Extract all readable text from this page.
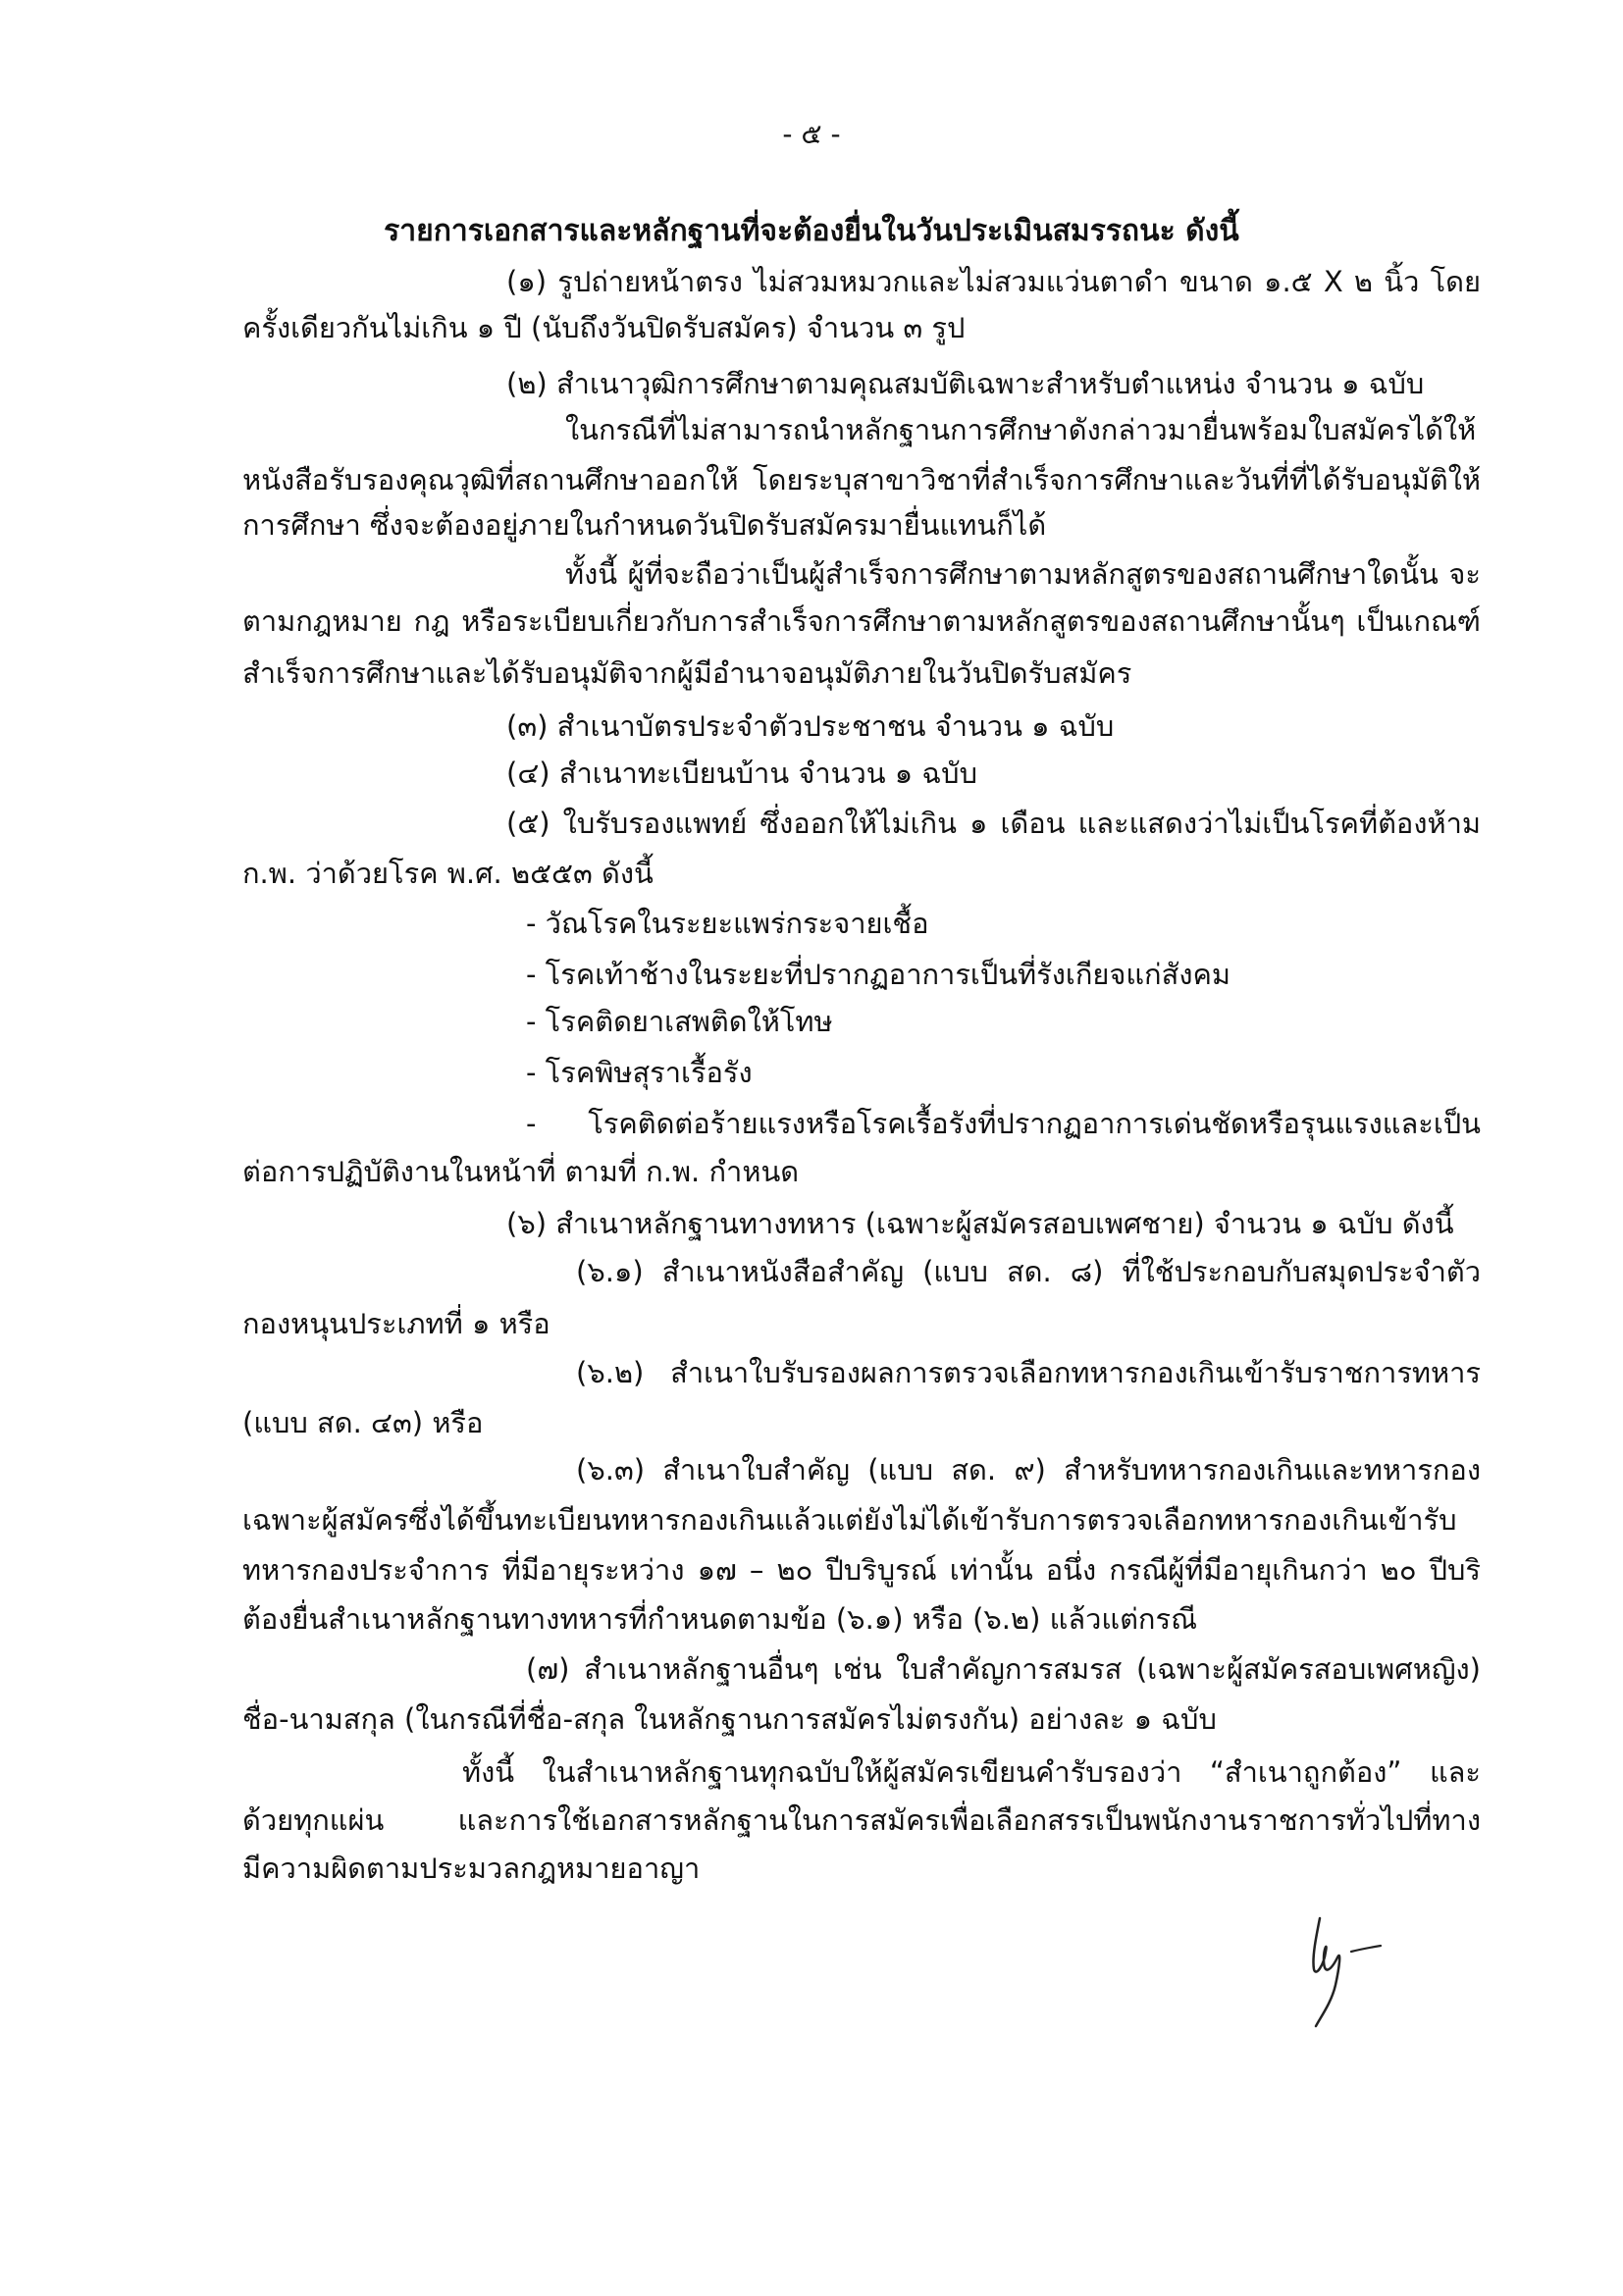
- ๕ -
รายการเอกสารและหลักฐานที่จะต้องยื่นในวันประเมินสมรรถนะ ดังนี้
(๑) รูปถ่ายหน้าตรง ไม่สวมหมวกและไม่สวมแว่นตาดำ ขนาด ๑.๕ X ๒ นิ้ว โดย
ครั้งเดียวกันไม่เกิน ๑ ปี (นับถึงวันปิดรับสมัคร) จำนวน ๓ รูป
(๒) สำเนาวุฒิการศึกษาตามคุณสมบัติเฉพาะสำหรับตำแหน่ง จำนวน ๑ ฉบับ
ในกรณีที่ไม่สามารถนำหลักฐานการศึกษาดังกล่าวมายื่นพร้อมใบสมัครได้ให้
หนังสือรับรองคุณวุฒิที่สถานศึกษาออกให้ โดยระบุสาขาวิชาที่สำเร็จการศึกษาและวันที่ที่ได้รับอนุมัติให้
การศึกษา ซึ่งจะต้องอยู่ภายในกำหนดวันปิดรับสมัครมายื่นแทนก็ได้
ทั้งนี้ ผู้ที่จะถือว่าเป็นผู้สำเร็จการศึกษาตามหลักสูตรของสถานศึกษาใดนั้น จะ
ตามกฎหมาย กฎ หรือระเบียบเกี่ยวกับการสำเร็จการศึกษาตามหลักสูตรของสถานศึกษานั้นๆ เป็นเกณฑ์
สำเร็จการศึกษาและได้รับอนุมัติจากผู้มีอำนาจอนุมัติภายในวันปิดรับสมัคร
(๓) สำเนาบัตรประจำตัวประชาชน จำนวน ๑ ฉบับ
(๔) สำเนาทะเบียนบ้าน จำนวน ๑ ฉบับ
(๕) ใบรับรองแพทย์ ซึ่งออกให้ไม่เกิน ๑ เดือน และแสดงว่าไม่เป็นโรคที่ต้องห้าม
ก.พ. ว่าด้วยโรค พ.ศ. ๒๕๕๓ ดังนี้
- วัณโรคในระยะแพร่กระจายเชื้อ
- โรคเท้าช้างในระยะที่ปรากฏอาการเป็นที่รังเกียจแก่สังคม
- โรคติดยาเสพติดให้โทษ
- โรคพิษสุราเรื้อรัง
- โรคติดต่อร้ายแรงหรือโรคเรื้อรังที่ปรากฏอาการเด่นชัดหรือรุนแรงและเป็น
ต่อการปฏิบัติงานในหน้าที่ ตามที่ ก.พ. กำหนด
(๖) สำเนาหลักฐานทางทหาร (เฉพาะผู้สมัครสอบเพศชาย) จำนวน ๑ ฉบับ ดังนี้
(๖.๑) สำเนาหนังสือสำคัญ (แบบ สด. ๘) ที่ใช้ประกอบกับสมุดประจำตัว
กองหนุนประเภทที่ ๑ หรือ
(๖.๒) สำเนาใบรับรองผลการตรวจเลือกทหารกองเกินเข้ารับราชการทหาร
(แบบ สด. ๔๓) หรือ
(๖.๓) สำเนาใบสำคัญ (แบบ สด. ๙) สำหรับทหารกองเกินและทหารกอง
เฉพาะผู้สมัครซึ่งได้ขึ้นทะเบียนทหารกองเกินแล้วแต่ยังไม่ได้เข้ารับการตรวจเลือกทหารกองเกินเข้ารับ
ทหารกองประจำการ ที่มีอายุระหว่าง ๑๗ – ๒๐ ปีบริบูรณ์ เท่านั้น อนึ่ง กรณีผู้ที่มีอายุเกินกว่า ๒๐ ปีบริ
ต้องยื่นสำเนาหลักฐานทางทหารที่กำหนดตามข้อ (๖.๑) หรือ (๖.๒) แล้วแต่กรณี
(๗) สำเนาหลักฐานอื่นๆ เช่น ใบสำคัญการสมรส (เฉพาะผู้สมัครสอบเพศหญิง)
ชื่อ-นามสกุล (ในกรณีที่ชื่อ-สกุล ในหลักฐานการสมัครไม่ตรงกัน) อย่างละ ๑ ฉบับ
ทั้งนี้ ในสำเนาหลักฐานทุกฉบับให้ผู้สมัครเขียนคำรับรองว่า “สำเนาถูกต้อง” และ
ด้วยทุกแผ่น และการใช้เอกสารหลักฐานในการสมัครเพื่อเลือกสรรเป็นพนักงานราชการทั่วไปที่ทาง
มีความผิดตามประมวลกฎหมายอาญา
